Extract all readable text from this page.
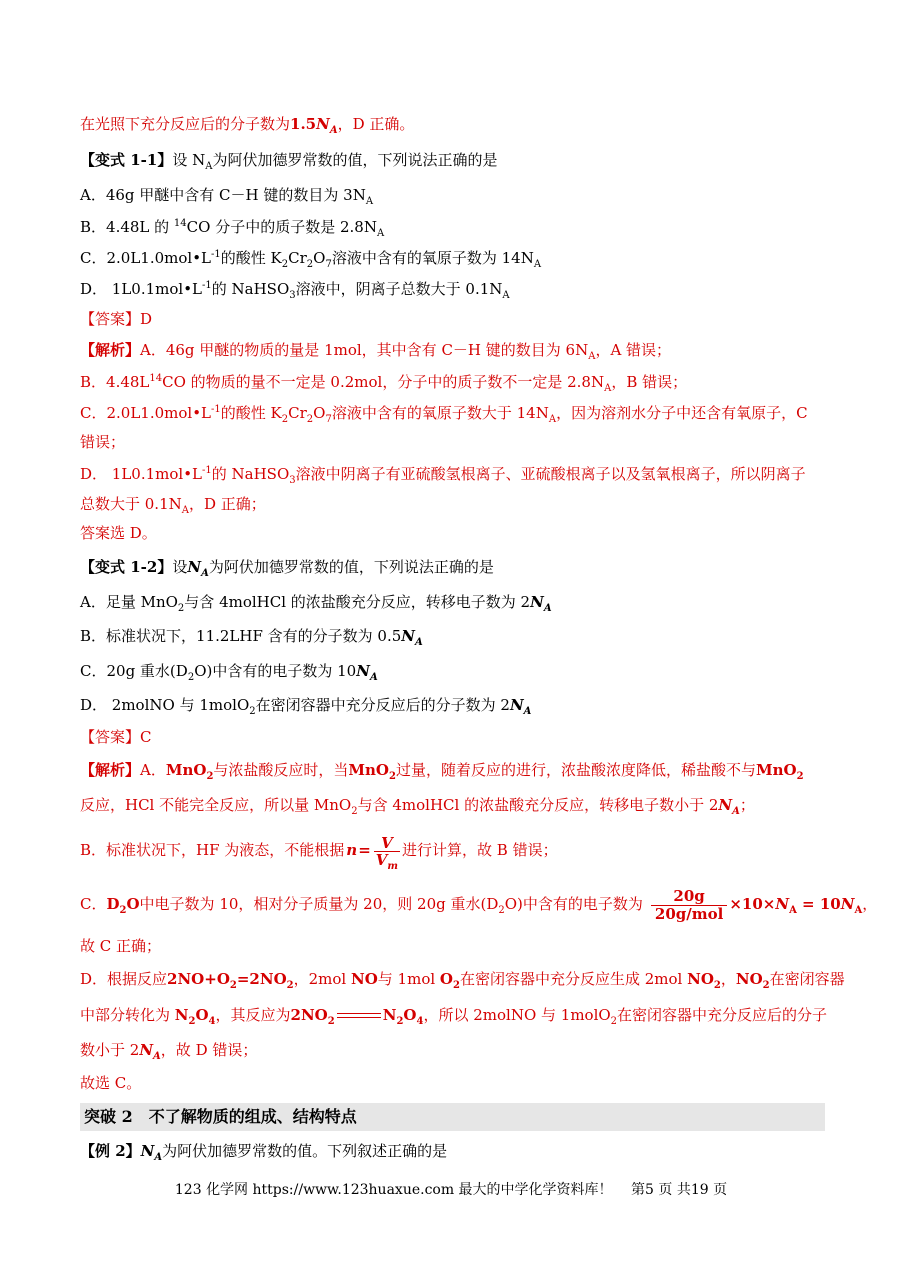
在光照下充分反应后的分子数为$1.5N_A$，D 正确。
【变式 1-1】设 $N_A$为阿伏加德罗常数的值，下列说法正确的是
A．46g 甲醚中含有 C－H 键的数目为 $3N_A$
B．4.48L 的 $^{14}$CO 分子中的质子数是 $2.8N_A$
C．$2.0L1.0mol•L^{-1}$的酸性 $K_2Cr_2O_7$溶液中含有的氧原子数为 $14N_A$
D． $1L0.1mol•L^{-1}$的 NaHSO$_3$溶液中，阴离子总数大于 $0.1N_A$
【答案】D
【解析】A．46g 甲醚的物质的量是 1mol，其中含有 C－H 键的数目为 $6N_A$，A 错误；
B．$4.48L^{14}CO$ 的物质的量不一定是 0.2mol，分子中的质子数不一定是 $2.8N_A$，B 错误；
C．$2.0L1.0mol•L^{-1}$的酸性 $K_2Cr_2O_7$溶液中含有的氧原子数大于 $14N_A$，因为溶剂水分子中还含有氧原子，C
错误；
D． $1L0.1mol•L^{-1}$的 NaHSO$_3$溶液中阴离子有亚硫酸氢根离子、亚硫酸根离子以及氢氧根离子，所以阴离子
总数大于 $0.1N_A$，D 正确；
答案选 D。
【变式 1-2】设$N_A$为阿伏加德罗常数的值，下列说法正确的是
A．足量 MnO$_2$与含 4molHCl 的浓盐酸充分反应，转移电子数为 $2N_A$
B．标准状况下，11.2LHF 含有的分子数为 $0.5N_A$
C．20g 重水$(D_2O)$中含有的电子数为 $10N_A$
D． 2molNO 与 1molO$_2$在密闭容器中充分反应后的分子数为 $2N_A$
【答案】C
【解析】A．MnO$_2$与浓盐酸反应时，当MnO$_2$过量，随着反应的进行，浓盐酸浓度降低，稀盐酸不与MnO$_2$
反应，HCl 不能完全反应，所以量 MnO$_2$与含 4molHCl 的浓盐酸充分反应，转移电子数小于 $2N_A$；
B．标准状况下，HF 为液态，不能根据 $n= \frac{V}{V_m}$ 进行计算，故 B 错误；
C．$D_2O$中电子数为 10，相对分子质量为 20，则 20g 重水$(D_2O)$中含有的电子数为 $\frac{20g}{\text{20g/mol}} \times 10\times N_A = 10N_A$，
故 C 正确；
D．根据反应$2NO+O_2=2NO_2$，2mol NO与 1mol $O_2$在密闭容器中充分反应生成 2mol $NO_2$，$NO_2$在密闭容器
中部分转化为 $N_2O_4$，其反应为$2NO_2$	$N_2O_4$，所以 2molNO 与 1molO$_2$在密闭容器中充分反应后的分子
数小于 $2N_A$，故 D 错误；
故选 C。
突破 2　不了解物质的组成、结构特点
【例 2】$N_A$为阿伏加德罗常数的值。下列叙述正确的是
123 化学网 https://www.123huaxue.com 最大的中学化学资料库！ 第5 页 共19 页
